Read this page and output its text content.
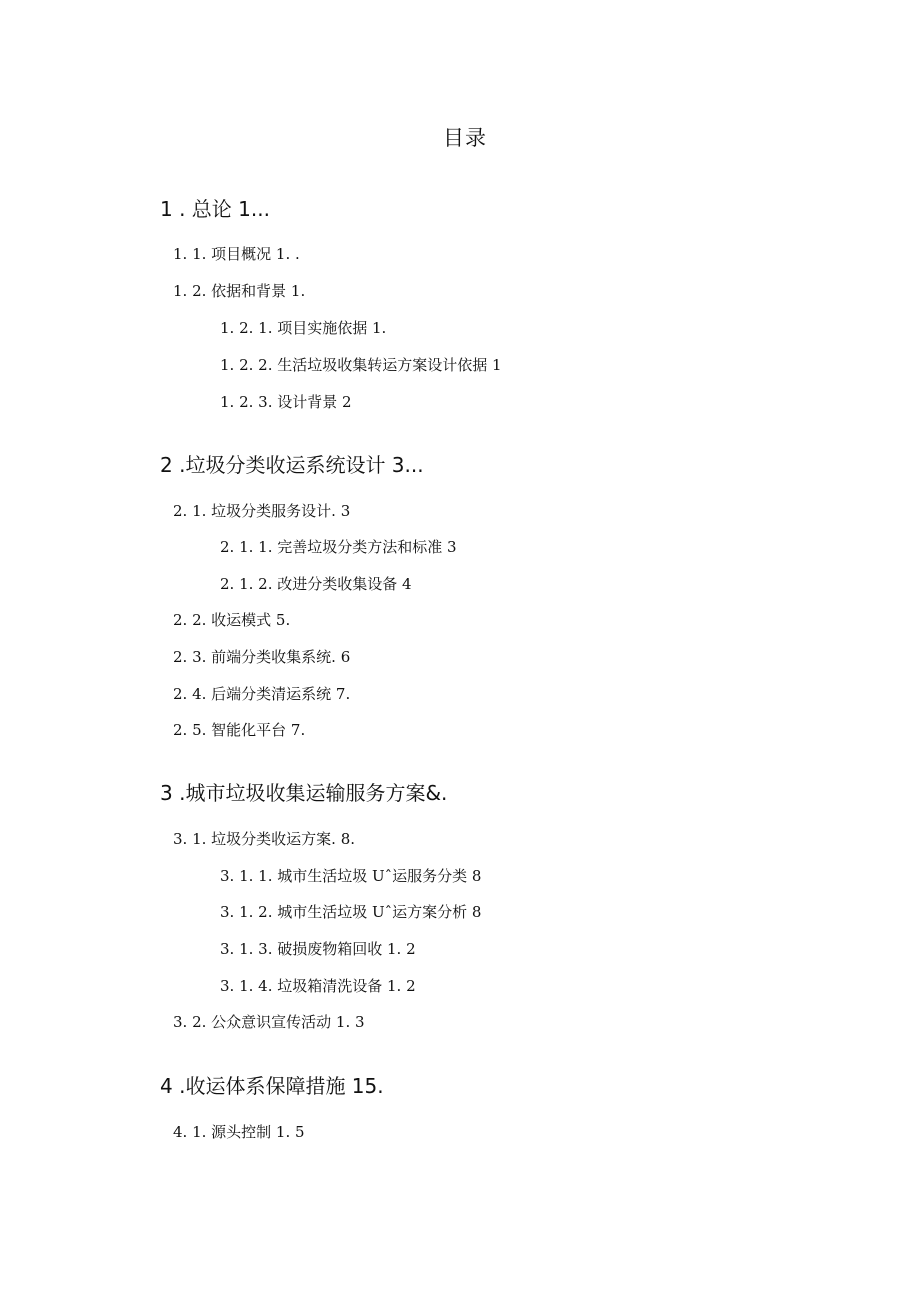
目录
1 . 总论 1...
1. 1. 项目概况 1. .
1. 2. 依据和背景 1.
1. 2. 1. 项目实施依据 1.
1. 2. 2. 生活垃圾收集转运方案设计依据 1
1. 2. 3. 设计背景 2
2 .垃圾分类收运系统设计 3...
2. 1. 垃圾分类服务设计. 3
2. 1. 1. 完善垃圾分类方法和标准 3
2. 1. 2. 改进分类收集设备 4
2. 2. 收运模式 5.
2. 3. 前端分类收集系统. 6
2. 4. 后端分类清运系统 7.
2. 5. 智能化平台 7.
3 .城市垃圾收集运输服务方案&.
3. 1. 垃圾分类收运方案. 8.
3. 1. 1. 城市生活垃圾 Uˆ运服务分类 8
3. 1. 2. 城市生活垃圾 Uˆ运方案分析 8
3. 1. 3. 破损废物箱回收 1. 2
3. 1. 4. 垃圾箱清洗设备 1. 2
3. 2. 公众意识宣传活动 1. 3
4 .收运体系保障措施 15.
4. 1. 源头控制 1. 5
